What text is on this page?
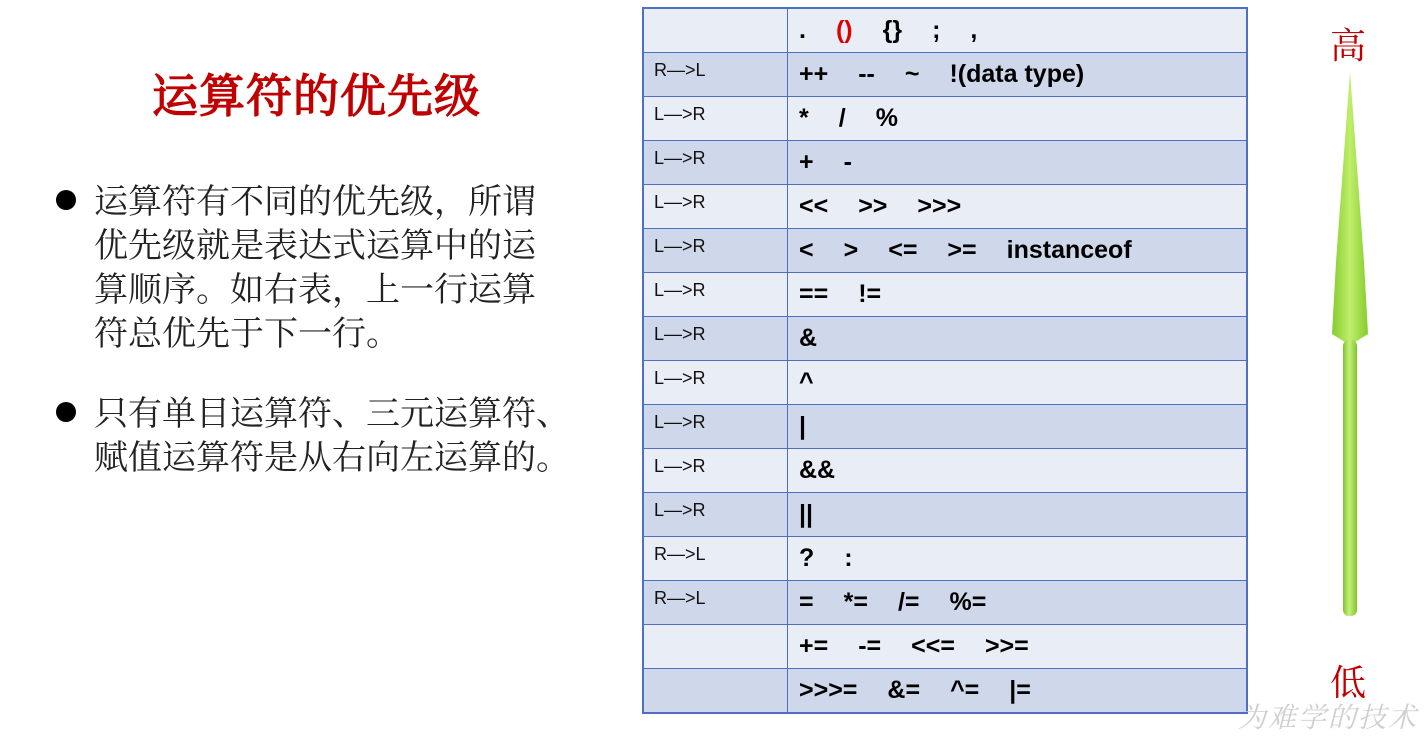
运算符的优先级
运算符有不同的优先级，所谓
优先级就是表达式运算中的运
算顺序。如右表，上一行运算
符总优先于下一行。
只有单目运算符、三元运算符、
赋值运算符是从右向左运算的。
	. () {} ; ,
R—>L	++ -- ~ !(data type)
L—>R	* / %
L—>R	+ -
L—>R	<< >> >>>
L—>R	< > <= >= instanceof
L—>R	== !=
L—>R	&
L—>R	^
L—>R	|
L—>R	&&
L—>R	||
R—>L	? :
R—>L	= *= /= %=
	+= -= <<= >>=
	>>>= &= ^= |=
高
低
为难学的技术
